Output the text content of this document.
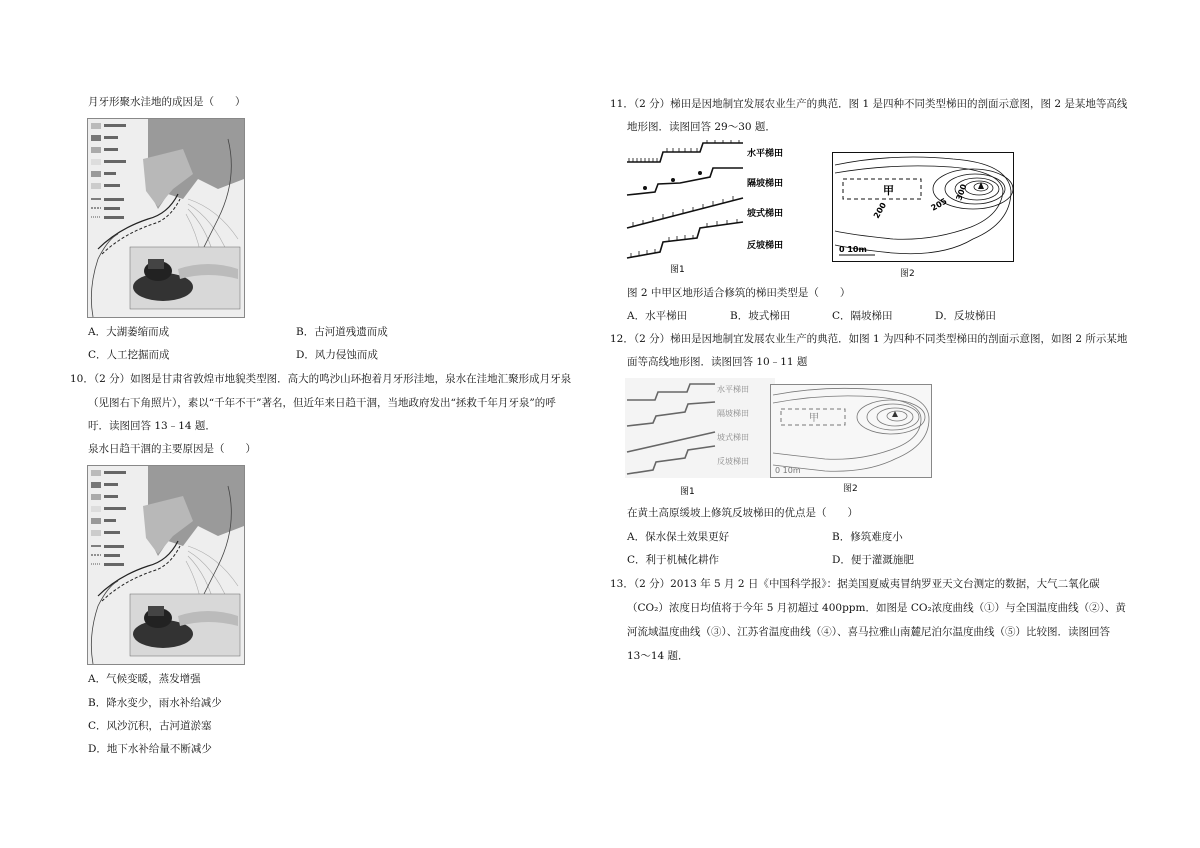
月牙形聚水洼地的成因是（　　）
A．大湖萎缩而成	B．古河道残遗而成
C．人工挖掘而成	D．风力侵蚀而成
10．（2 分）如图是甘肃省敦煌市地貌类型图．高大的鸣沙山环抱着月牙形洼地，泉水在洼地汇聚形成月牙泉
（见图右下角照片），素以“千年不干”著名，但近年来日趋干涸，当地政府发出“拯救千年月牙泉”的呼
吁．读图回答 13﹣14 题．
泉水日趋干涸的主要原因是（　　）
A．气候变暖，蒸发增强
B．降水变少，雨水补给减少
C．风沙沉积，古河道淤塞
D．地下水补给量不断减少
11．（2 分）梯田是因地制宜发展农业生产的典范．图 1 是四种不同类型梯田的剖面示意图，图 2 是某地等高线
地形图．读图回答 29～30 题．
水平梯田
隔坡梯田
坡式梯田
反坡梯田
图1
甲
200	205
300
0 10m
图2
图 2 中甲区地形适合修筑的梯田类型是（　　）
A．水平梯田	B．坡式梯田	C．隔坡梯田	D．反坡梯田
12．（2 分）梯田是因地制宜发展农业生产的典范．如图 1 为四种不同类型梯田的剖面示意图，如图 2 所示某地
面等高线地形图．读图回答 10﹣11 题
水平梯田
隔坡梯田
坡式梯田
反坡梯田
图1
甲
0 10m
图2
在黄土高原缓坡上修筑反坡梯田的优点是（　　）
A．保水保土效果更好	B．修筑难度小
C．利于机械化耕作	D．便于灌溉施肥
13．（2 分）2013 年 5 月 2 日《中国科学报》：据美国夏威夷冒纳罗亚天文台测定的数据，大气二氧化碳
（CO₂）浓度日均值将于今年 5 月初超过 400ppm．如图是 CO₂浓度曲线（①）与全国温度曲线（②）、黄
河流域温度曲线（③）、江苏省温度曲线（④）、喜马拉雅山南麓尼泊尔温度曲线（⑤）比较图．读图回答
13～14 题．
